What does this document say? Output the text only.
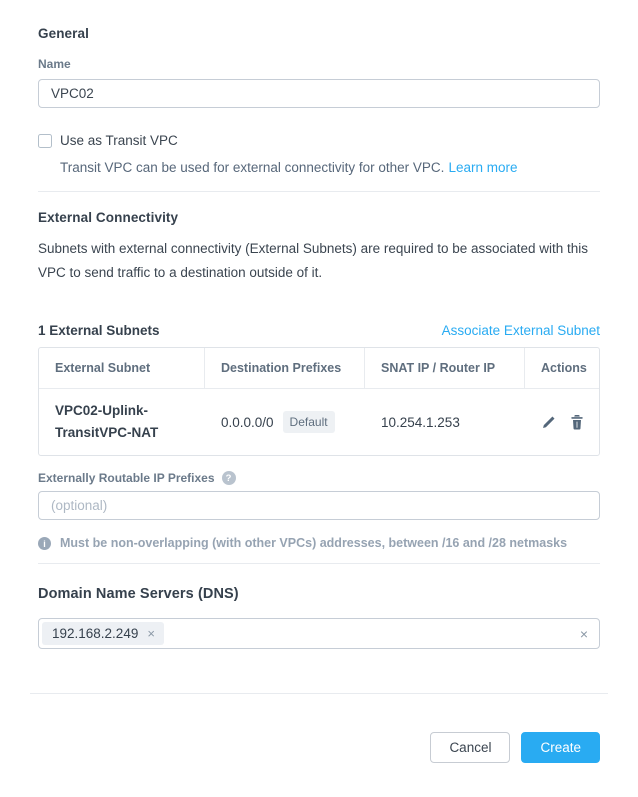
General
Name
VPC02
Use as Transit VPC
Transit VPC can be used for external connectivity for other VPC. Learn more
External Connectivity
Subnets with external connectivity (External Subnets) are required to be associated with this VPC to send traffic to a destination outside of it.
1 External Subnets	Associate External Subnet
External Subnet	Destination Prefixes	SNAT IP / Router IP	Actions
VPC02-Uplink-TransitVPC-NAT
0.0.0.0/0	Default	10.254.1.253
Externally Routable IP Prefixes	?
(optional)
i	Must be non-overlapping (with other VPCs) addresses, between /16 and /28 netmasks
Domain Name Servers (DNS)
192.168.2.249 ×	×
Cancel	Create
